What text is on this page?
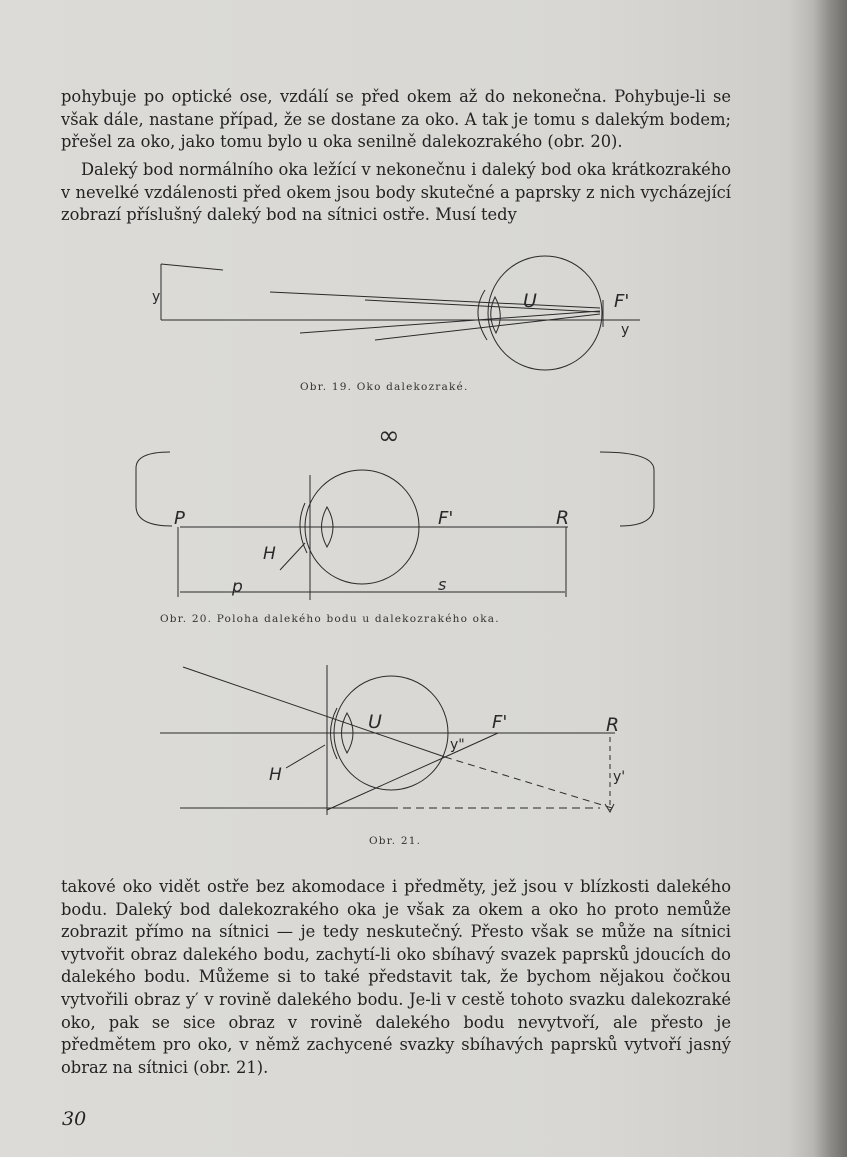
pohybuje po optické ose, vzdálí se před okem až do nekonečna. Pohybuje-li se však dále, nastane případ, že se dostane za oko. A tak je tomu s dalekým bodem; přešel za oko, jako tomu bylo u oka senilně dalekozrakého (obr. 20).

Daleký bod normálního oka ležící v nekonečnu i daleký bod oka krátkozrakého v nevelké vzdálenosti před okem jsou body skutečné a paprsky z nich vycházející zobrazí příslušný daleký bod na sítnici ostře. Musí tedy

y	U	F'
y
∞
P	F'	R
H
p	s
U	F'	R
H
y"
y'
Obr. 19. Oko dalekozraké.
Obr. 20. Poloha dalekého bodu u dalekozrakého oka.
Obr. 21.

takové oko vidět ostře bez akomodace i předměty, jež jsou v blízkosti dalekého bodu. Daleký bod dalekozrakého oka je však za okem a oko ho proto nemůže zobrazit přímo na sítnici — je tedy neskutečný. Přesto však se může na sítnici vytvořit obraz dalekého bodu, zachytí-li oko sbíhavý svazek paprsků jdoucích do dalekého bodu. Můžeme si to také představit tak, že bychom nějakou čočkou vytvořili obraz y′ v rovině dalekého bodu. Je-li v cestě tohoto svazku dalekozraké oko, pak se sice obraz v rovině dalekého bodu nevytvoří, ale přesto je předmětem pro oko, v němž zachycené svazky sbíhavých paprsků vytvoří jasný obraz na sítnici (obr. 21).

30
